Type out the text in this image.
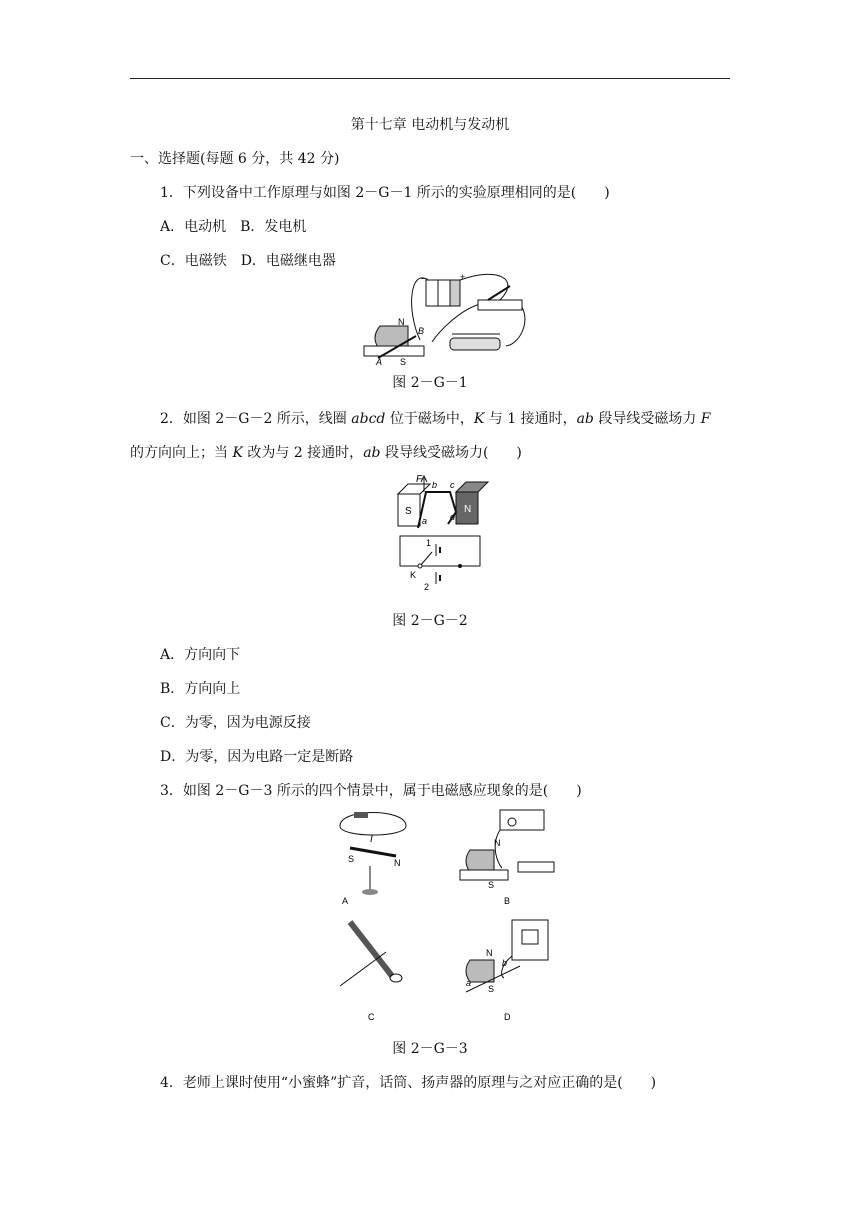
第十七章 电动机与发动机
一、选择题(每题 6 分，共 42 分)
1．下列设备中工作原理与如图 2－G－1 所示的实验原理相同的是(　　)
A．电动机　B．发电机
C．电磁铁　D．电磁继电器
－	+
N
S
A
B
图 2－G－1
2．如图 2－G－2 所示，线圈 abcd 位于磁场中，K 与 1 接通时，ab 段导线受磁场力 F
的方向向上；当 K 改为与 2 接通时，ab 段导线受磁场力(　　)
F b c
S	N
a	d
1
K
2
图 2－G－2
A．方向向下
B．方向向上
C．为零，因为电源反接
D．为零，因为电路一定是断路
3．如图 2－G－3 所示的四个情景中，属于电磁感应现象的是(　　)
I
S	N
A
N
S
B
C
N
S
a
b
D
图 2－G－3
4．老师上课时使用“小蜜蜂”扩音，话筒、扬声器的原理与之对应正确的是(　　)
